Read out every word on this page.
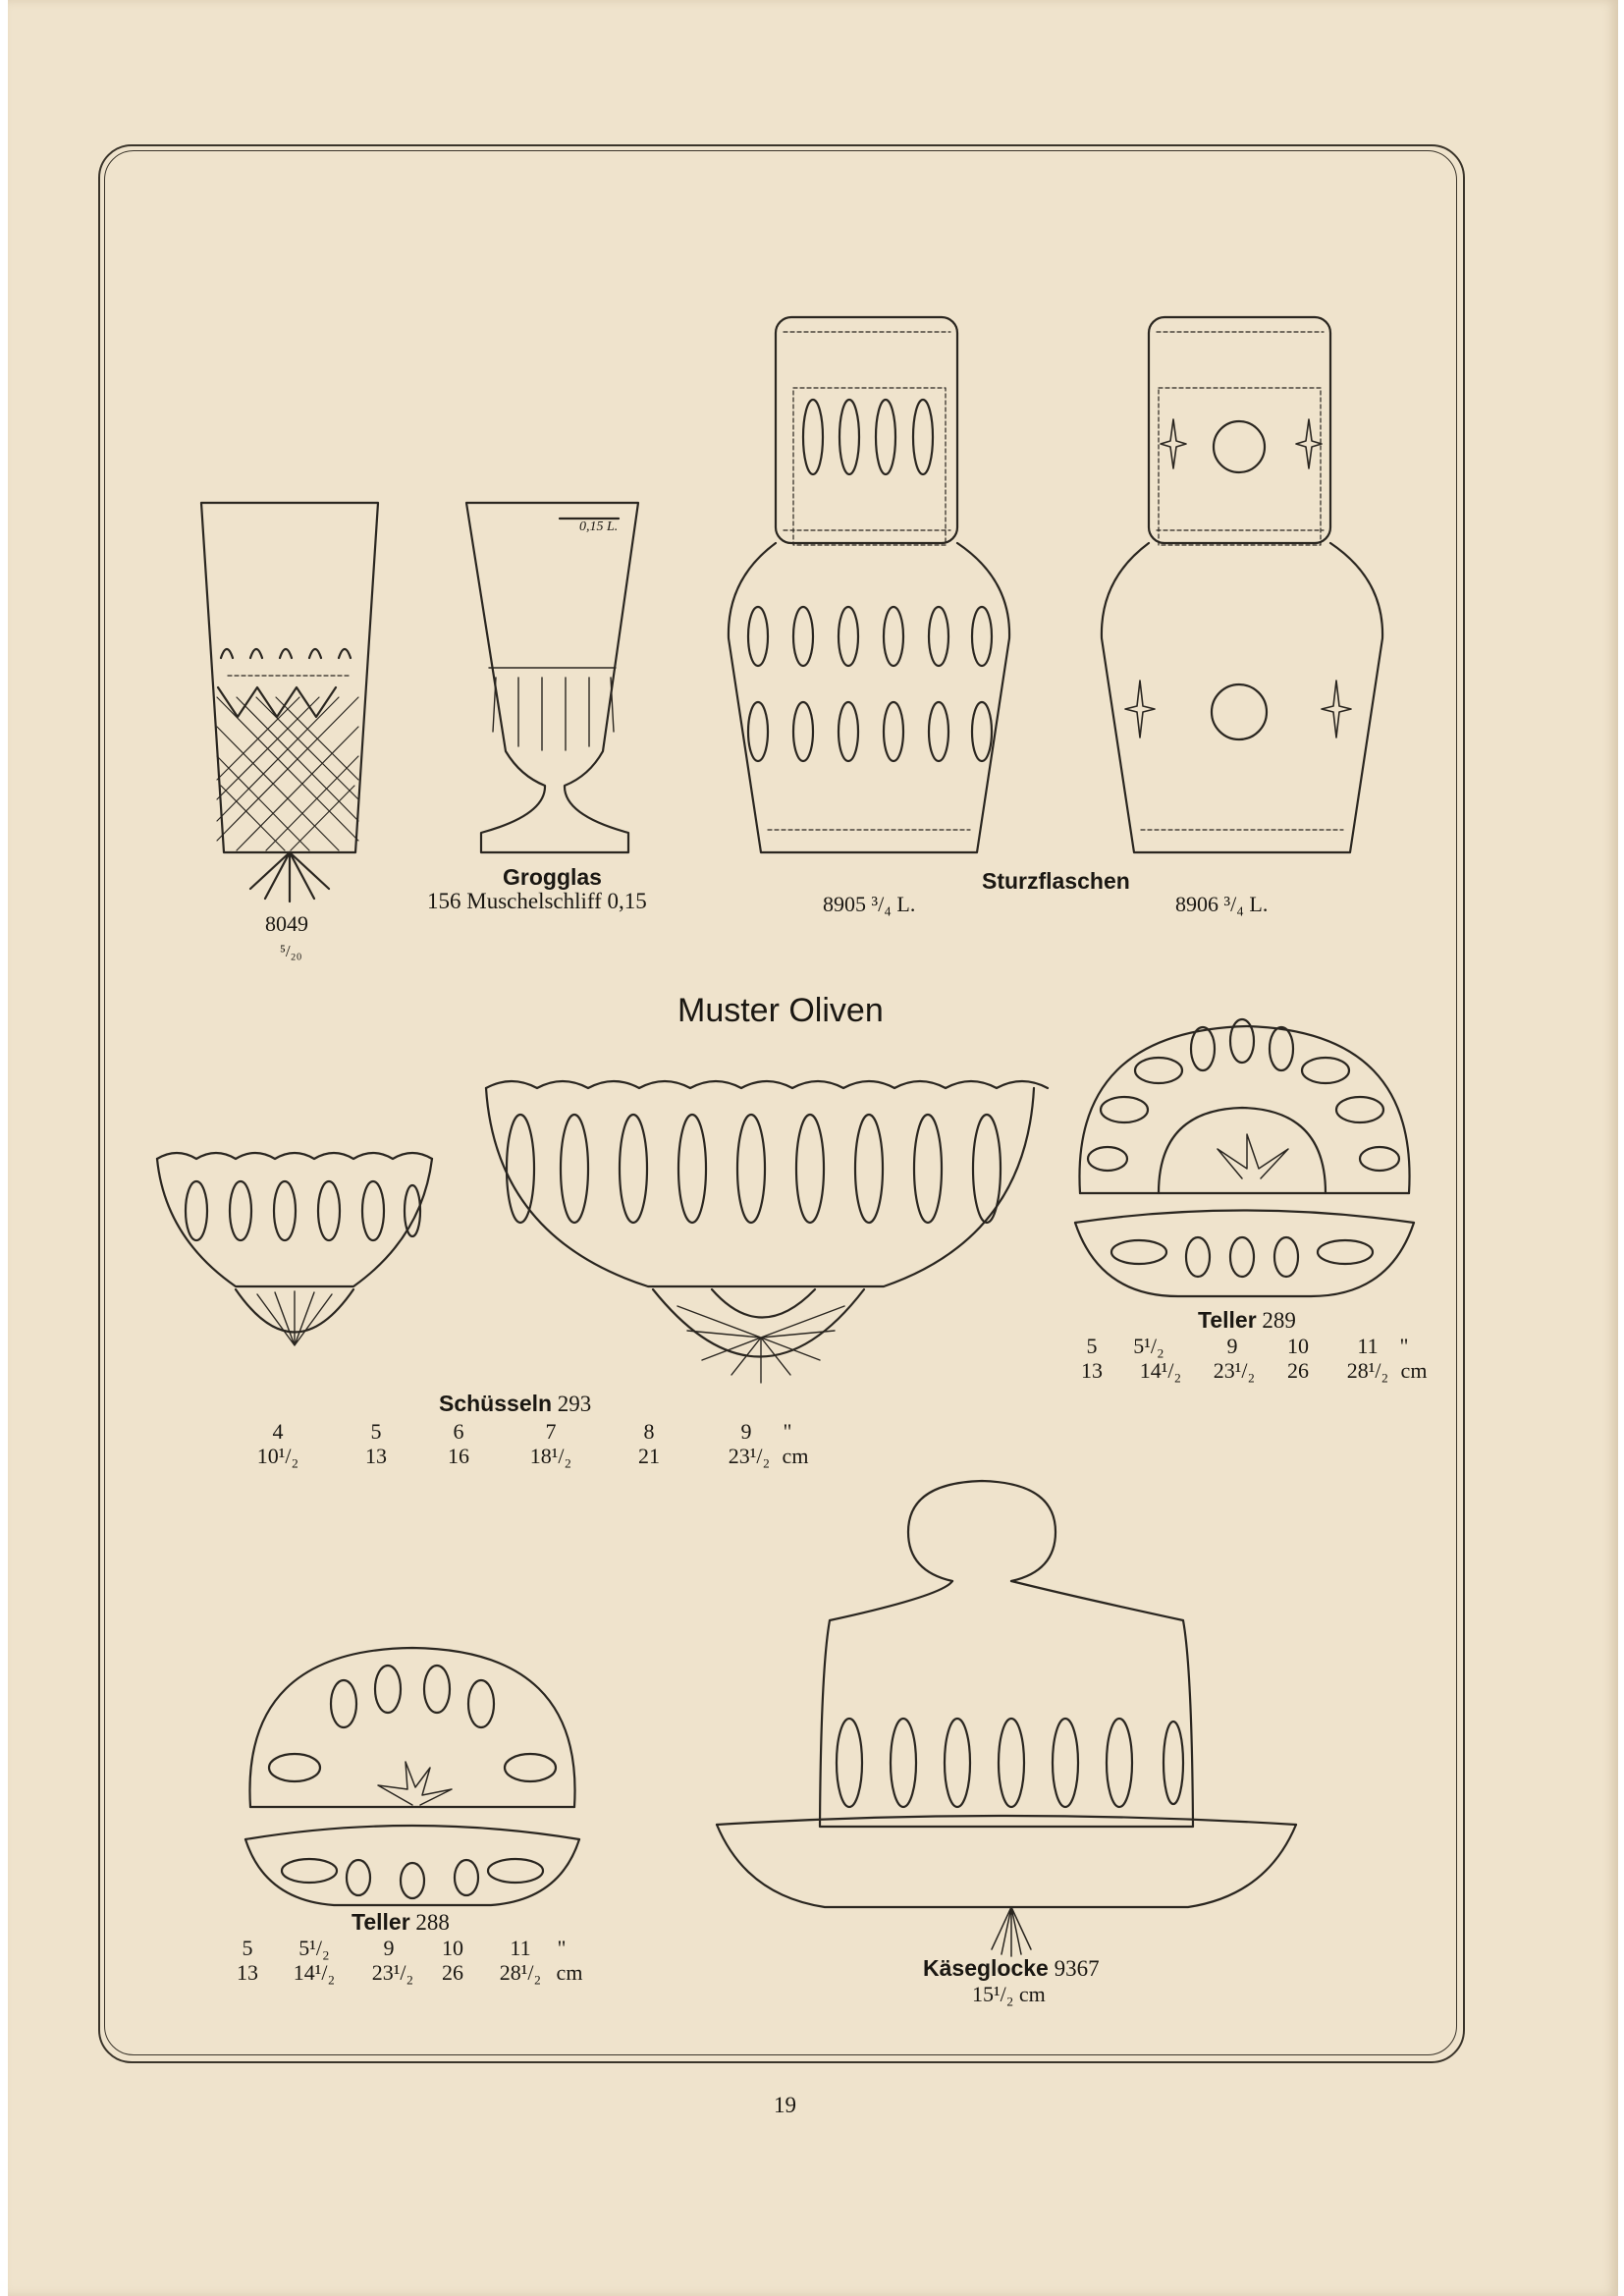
0,15 L.
8049
⁵/₂₀
Grogglas
156 Muschelschliff 0,15
Sturzflaschen
8905 ³/₄ L.	8906 ³/₄ L.
Muster Oliven
Teller 289
5 5¹/₂	9 10 11 "
13 14¹/₂ 23¹/₂ 26 28¹/₂ cm
Schüsseln 293
4	5	6	7	8	9 "
10¹/₂	13	16	18¹/₂	21	23¹/₂ cm
Teller 288
5 5¹/₂ 9 10 11 "
13 14¹/₂ 23¹/₂ 26 28¹/₂ cm	Käseglocke 9367
15¹/₂ cm
19
